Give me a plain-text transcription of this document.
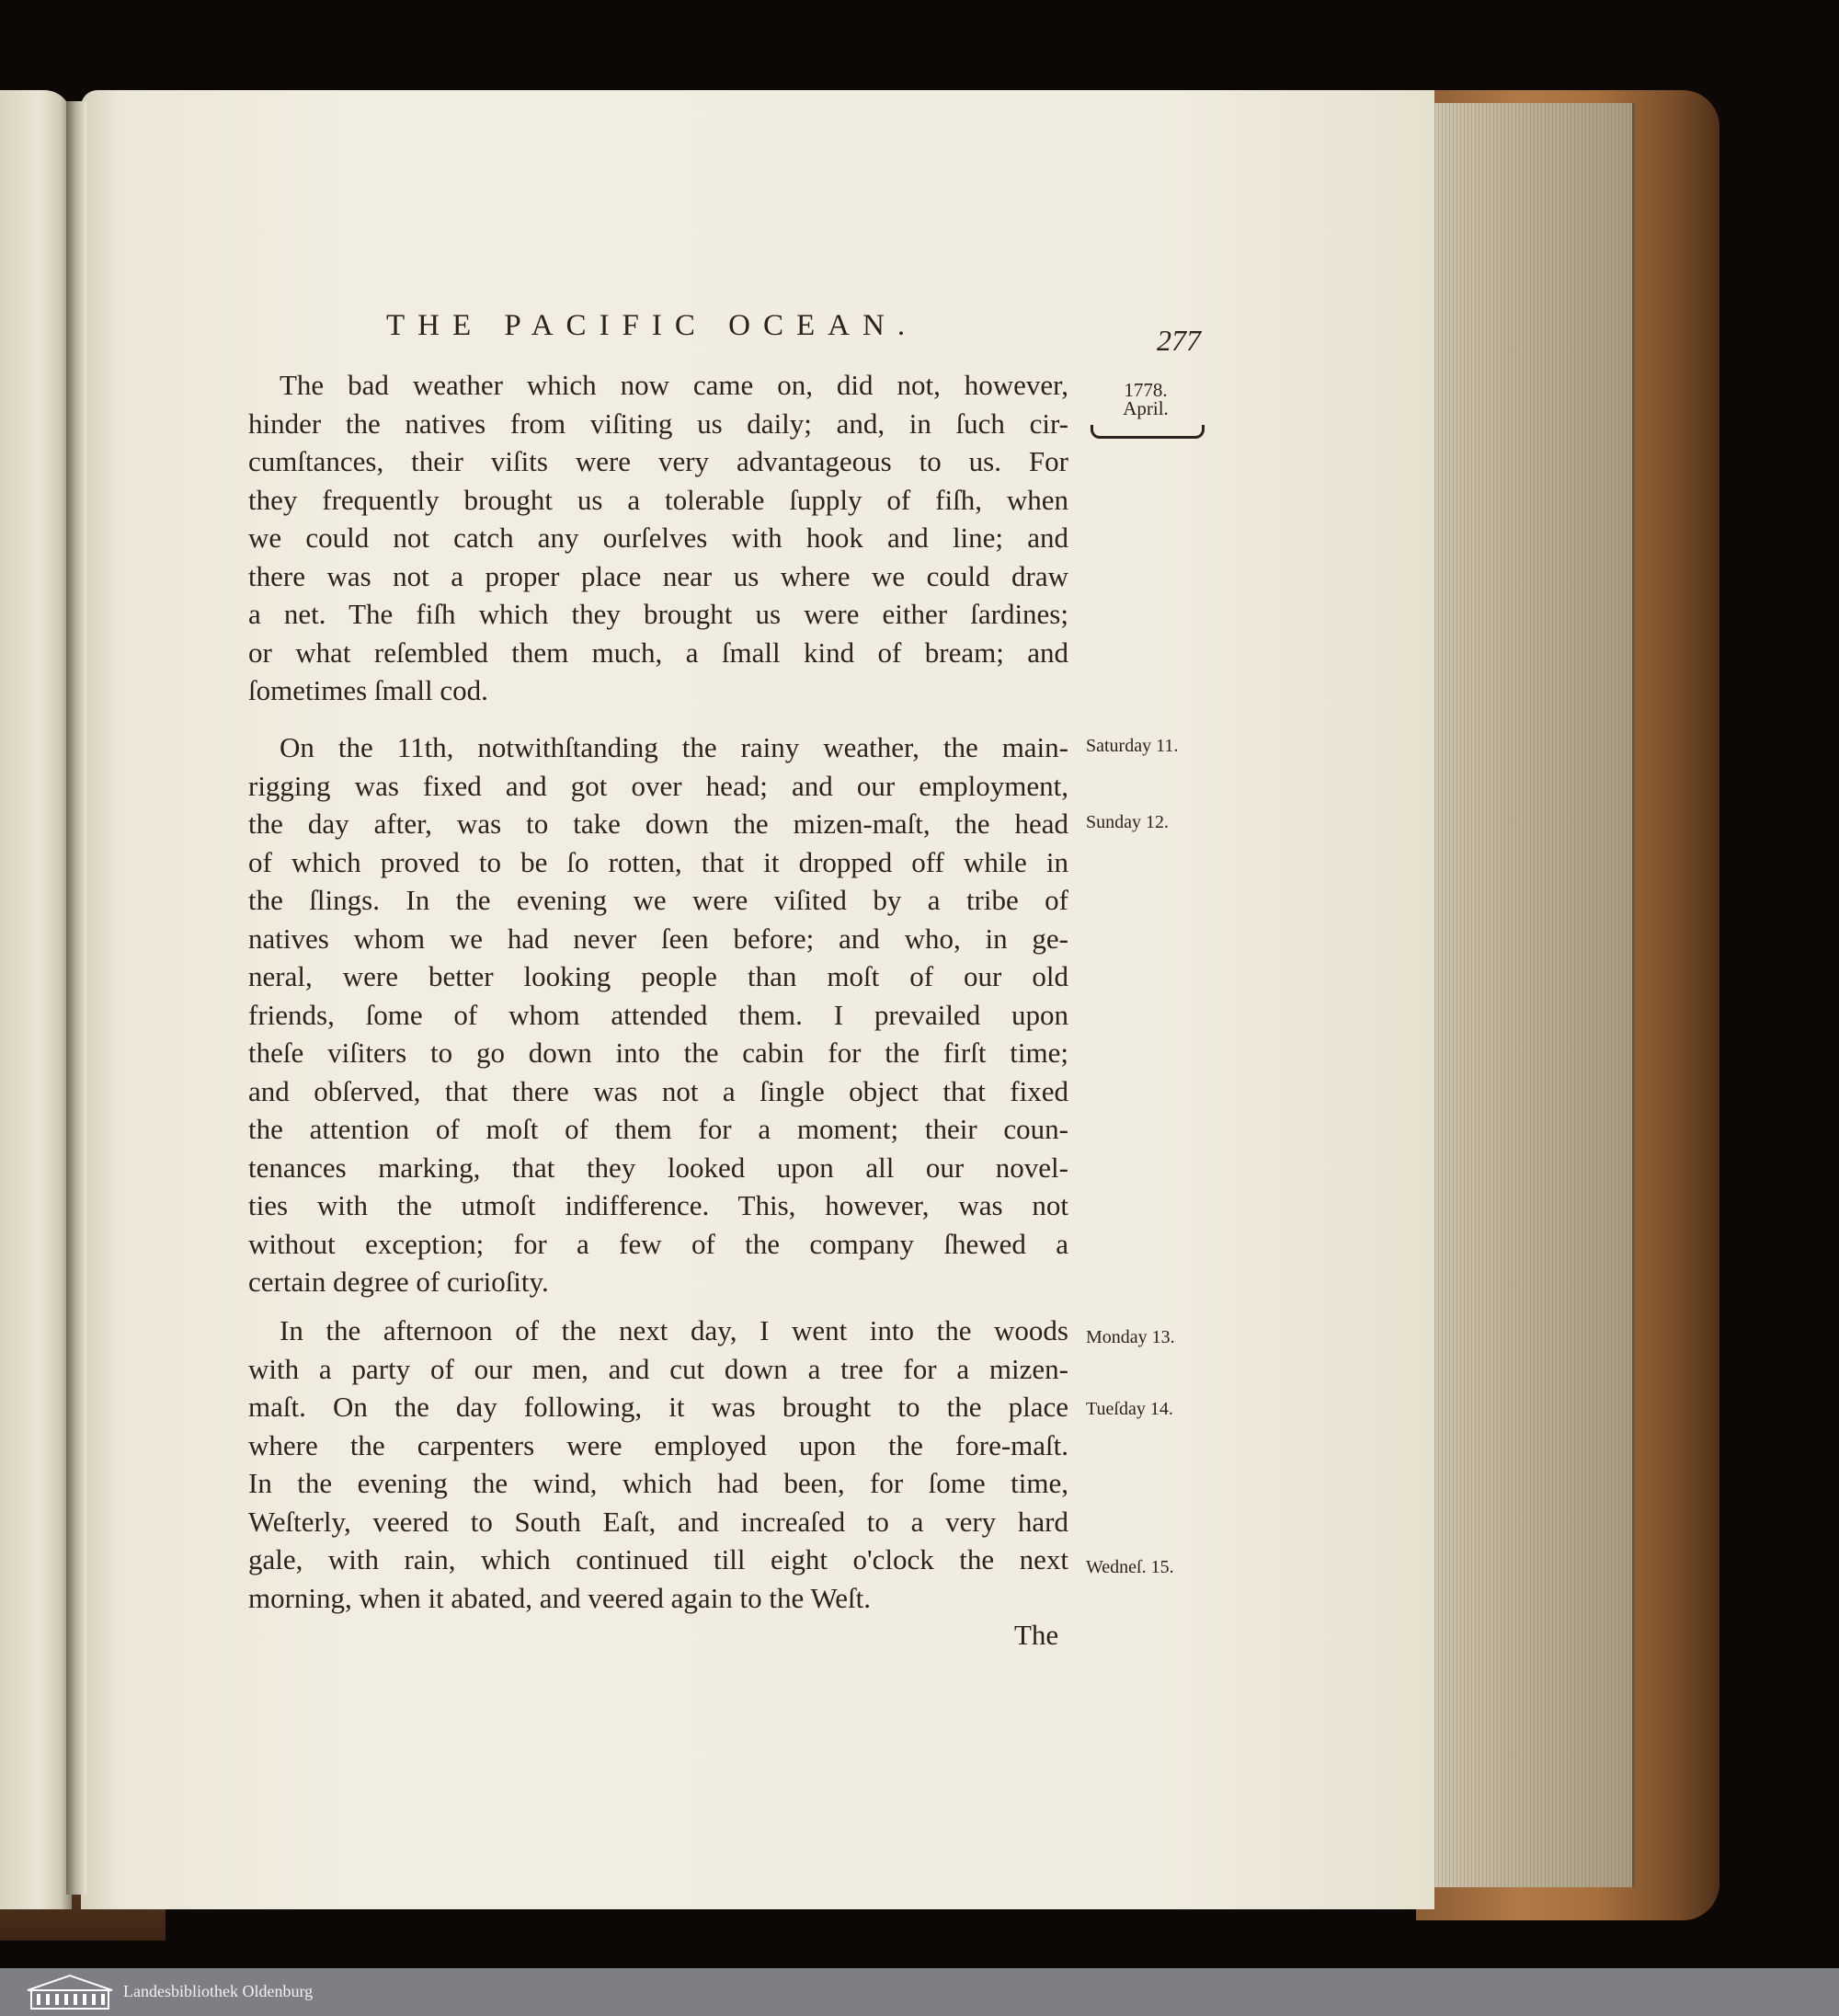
THE PACIFIC OCEAN.	277
1778.
April.
The bad weather which now came on, did not, however,
hinder the natives from viſiting us daily; and, in ſuch cir-
cumſtances, their viſits were very advantageous to us. For
they frequently brought us a tolerable ſupply of fiſh, when
we could not catch any ourſelves with hook and line; and
there was not a proper place near us where we could draw
a net. The fiſh which they brought us were either ſardines;
or what reſembled them much, a ſmall kind of bream; and
ſometimes ſmall cod.
On the 11th, notwithſtanding the rainy weather, the main-
rigging was fixed and got over head; and our employment,
the day after, was to take down the mizen-maſt, the head
of which proved to be ſo rotten, that it dropped off while in
the ſlings. In the evening we were viſited by a tribe of
natives whom we had never ſeen before; and who, in ge-
neral, were better looking people than moſt of our old
friends, ſome of whom attended them. I prevailed upon
theſe viſiters to go down into the cabin for the firſt time;
and obſerved, that there was not a ſingle object that fixed
the attention of moſt of them for a moment; their coun-
tenances marking, that they looked upon all our novel-
ties with the utmoſt indifference. This, however, was not
without exception; for a few of the company ſhewed a
certain degree of curioſity.
In the afternoon of the next day, I went into the woods
with a party of our men, and cut down a tree for a mizen-
maſt. On the day following, it was brought to the place
where the carpenters were employed upon the fore-maſt.
In the evening the wind, which had been, for ſome time,
Weſterly, veered to South Eaſt, and increaſed to a very hard
gale, with rain, which continued till eight o'clock the next
morning, when it abated, and veered again to the Weſt.
The
Saturday 11.
Sunday 12.
Monday 13.
Tueſday 14.
Wedneſ. 15.
Landesbibliothek Oldenburg
